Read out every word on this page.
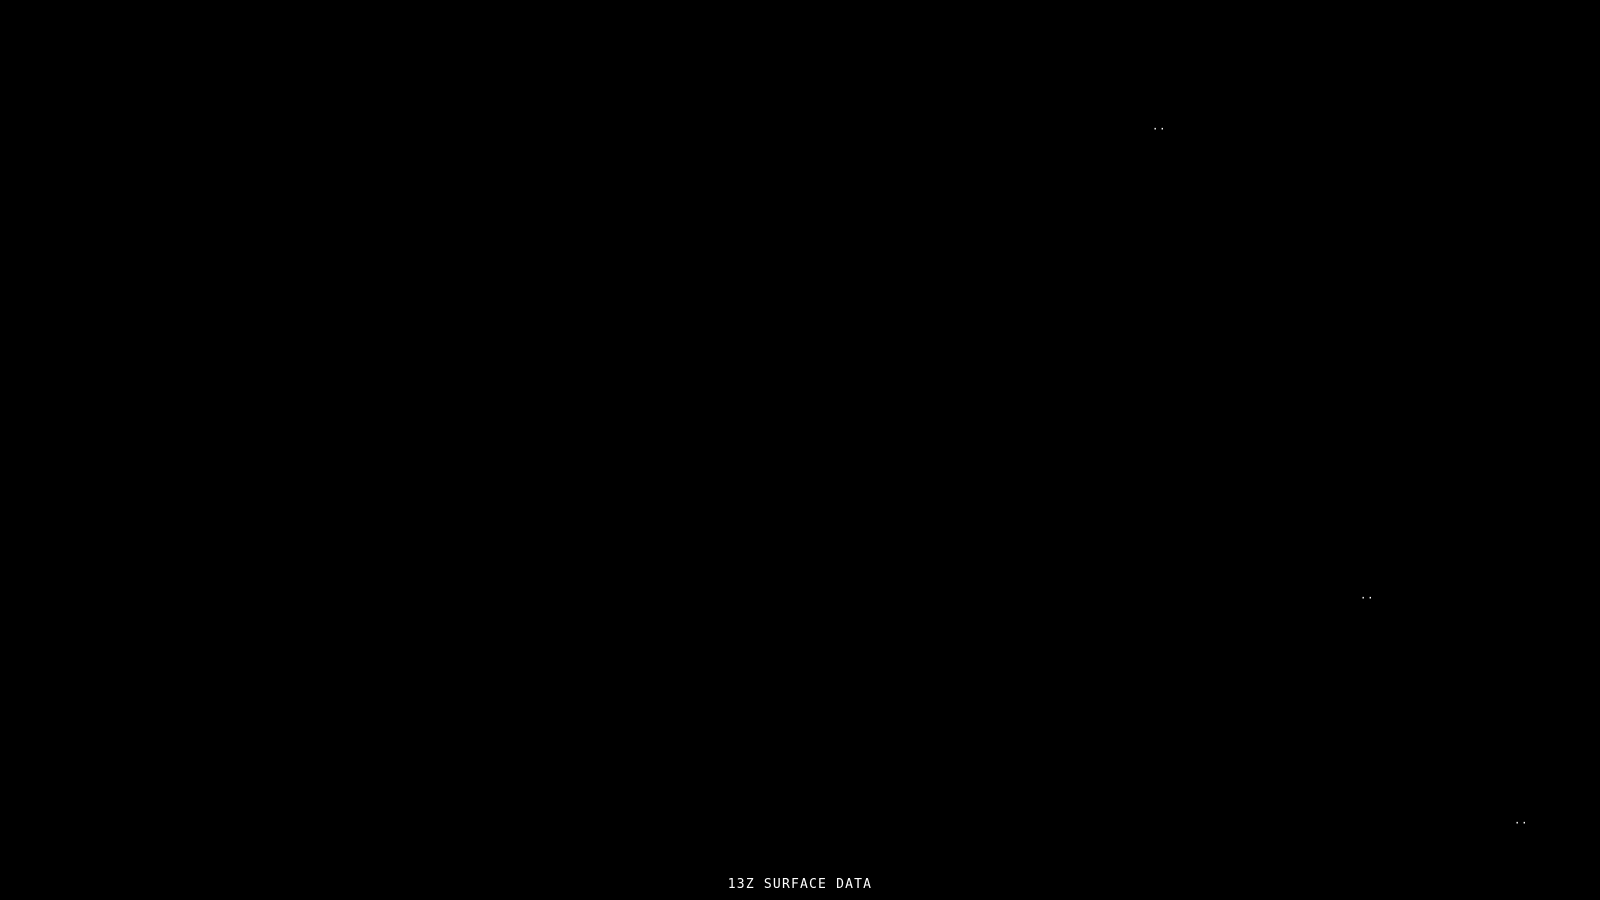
..
..
..
13Z SURFACE DATA
